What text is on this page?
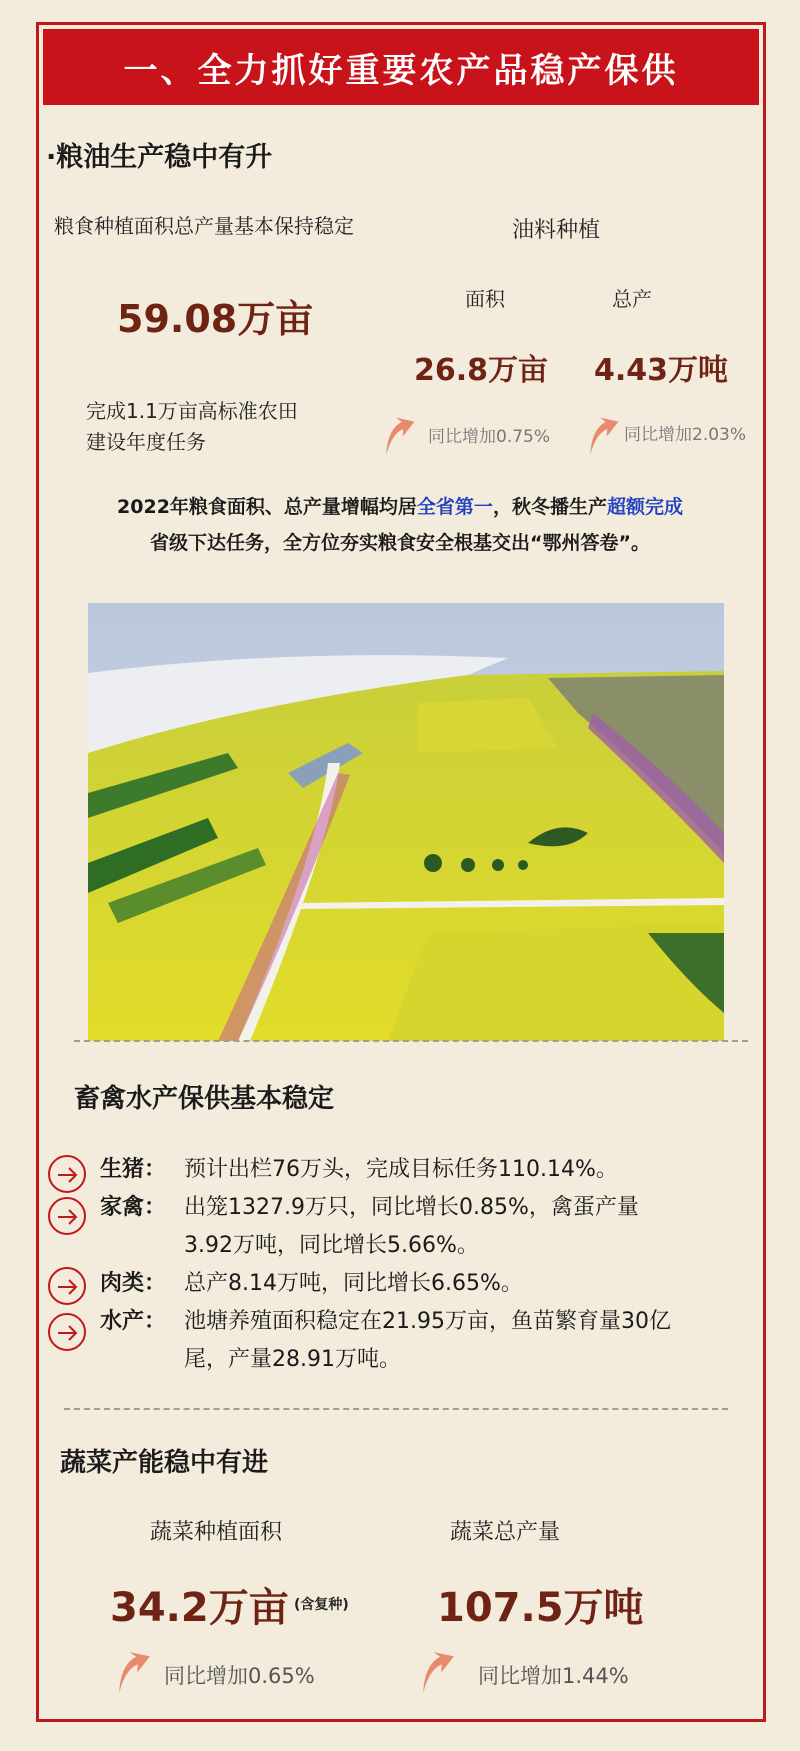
一、全力抓好重要农产品稳产保供
·粮油生产稳中有升
粮食种植面积总产量基本保持稳定
59.08万亩
完成1.1万亩高标准农田
建设年度任务
油料种植
面积	总产
26.8万亩 4.43万吨
同比增加0.75%	同比增加2.03%
2022年粮食面积、总产量增幅均居全省第一，秋冬播生产超额完成
省级下达任务，全方位夯实粮食安全根基交出“鄂州答卷”。
畜禽水产保供基本稳定
生猪： 预计出栏76万头，完成目标任务110.14%。
家禽： 出笼1327.9万只，同比增长0.85%，禽蛋产量
3.92万吨，同比增长5.66%。
肉类： 总产8.14万吨，同比增长6.65%。
水产： 池塘养殖面积稳定在21.95万亩，鱼苗繁育量30亿
尾，产量28.91万吨。
蔬菜产能稳中有进
蔬菜种植面积	蔬菜总产量
34.2万亩 (含复种) 107.5万吨
同比增加0.65%	同比增加1.44%
